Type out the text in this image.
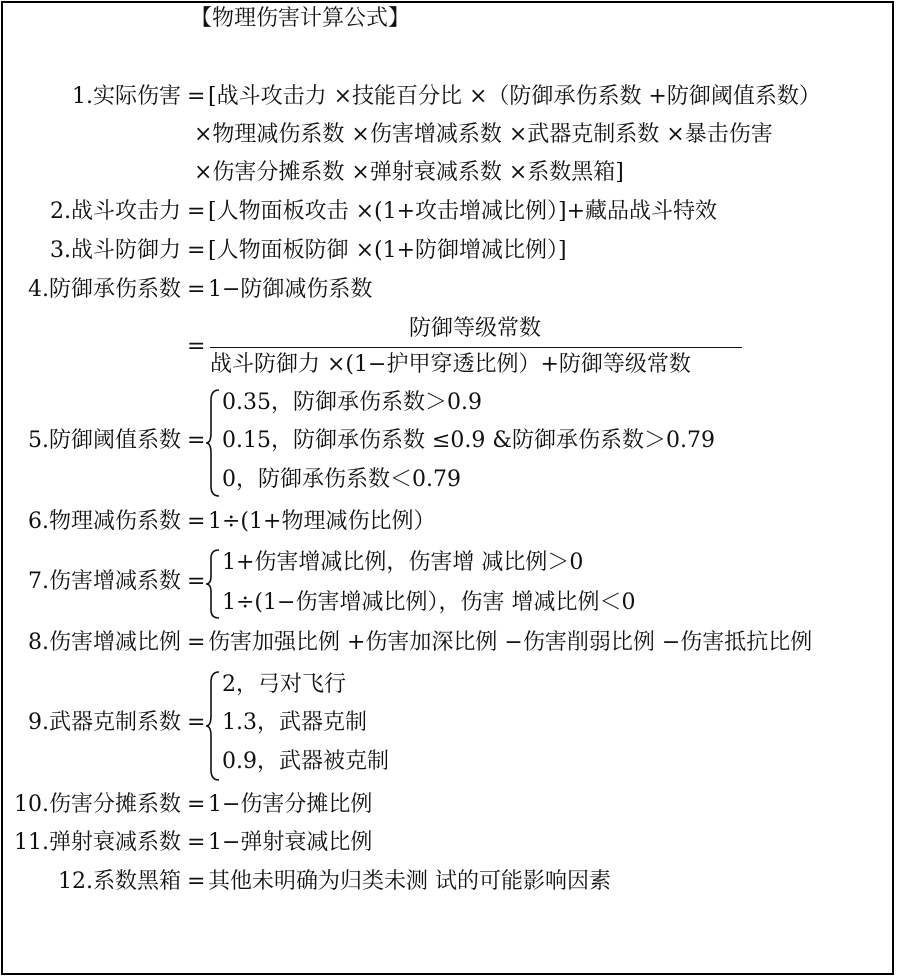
【物理伤害计算公式】
1.实际伤害 = [战斗攻击力 ×技能百分比 ×（防御承伤系数 +防御阈值系数）
×物理减伤系数 ×伤害增减系数 ×武器克制系数 ×暴击伤害
×伤害分摊系数 ×弹射衰减系数 ×系数黑箱]
2.战斗攻击力 = [人物面板攻击 ×(1+攻击增减比例）]+藏品战斗特效
3.战斗防御力 = [人物面板防御 ×(1+防御增减比例）]
4.防御承伤系数 = 1−防御减伤系数
=
防御等级常数
战斗防御力 ×(1−护甲穿透比例）+防御等级常数
5.防御阈值系数 =
0.35，防御承伤系数＞0.9
0.15，防御承伤系数 ≤0.9 &防御承伤系数＞0.79
0，防御承伤系数＜0.79
6.物理减伤系数 = 1÷(1+物理减伤比例）
7.伤害增减系数 =
1+伤害增减比例，伤害增 减比例＞0
1÷(1−伤害增减比例），伤害 增减比例＜0
8.伤害增减比例 = 伤害加强比例 +伤害加深比例 −伤害削弱比例 −伤害抵抗比例
9.武器克制系数 =
2，弓对飞行
1.3，武器克制
0.9，武器被克制
10.伤害分摊系数 = 1−伤害分摊比例
11.弹射衰减系数 = 1−弹射衰减比例
12.系数黑箱 = 其他未明确为归类未测 试的可能影响因素
